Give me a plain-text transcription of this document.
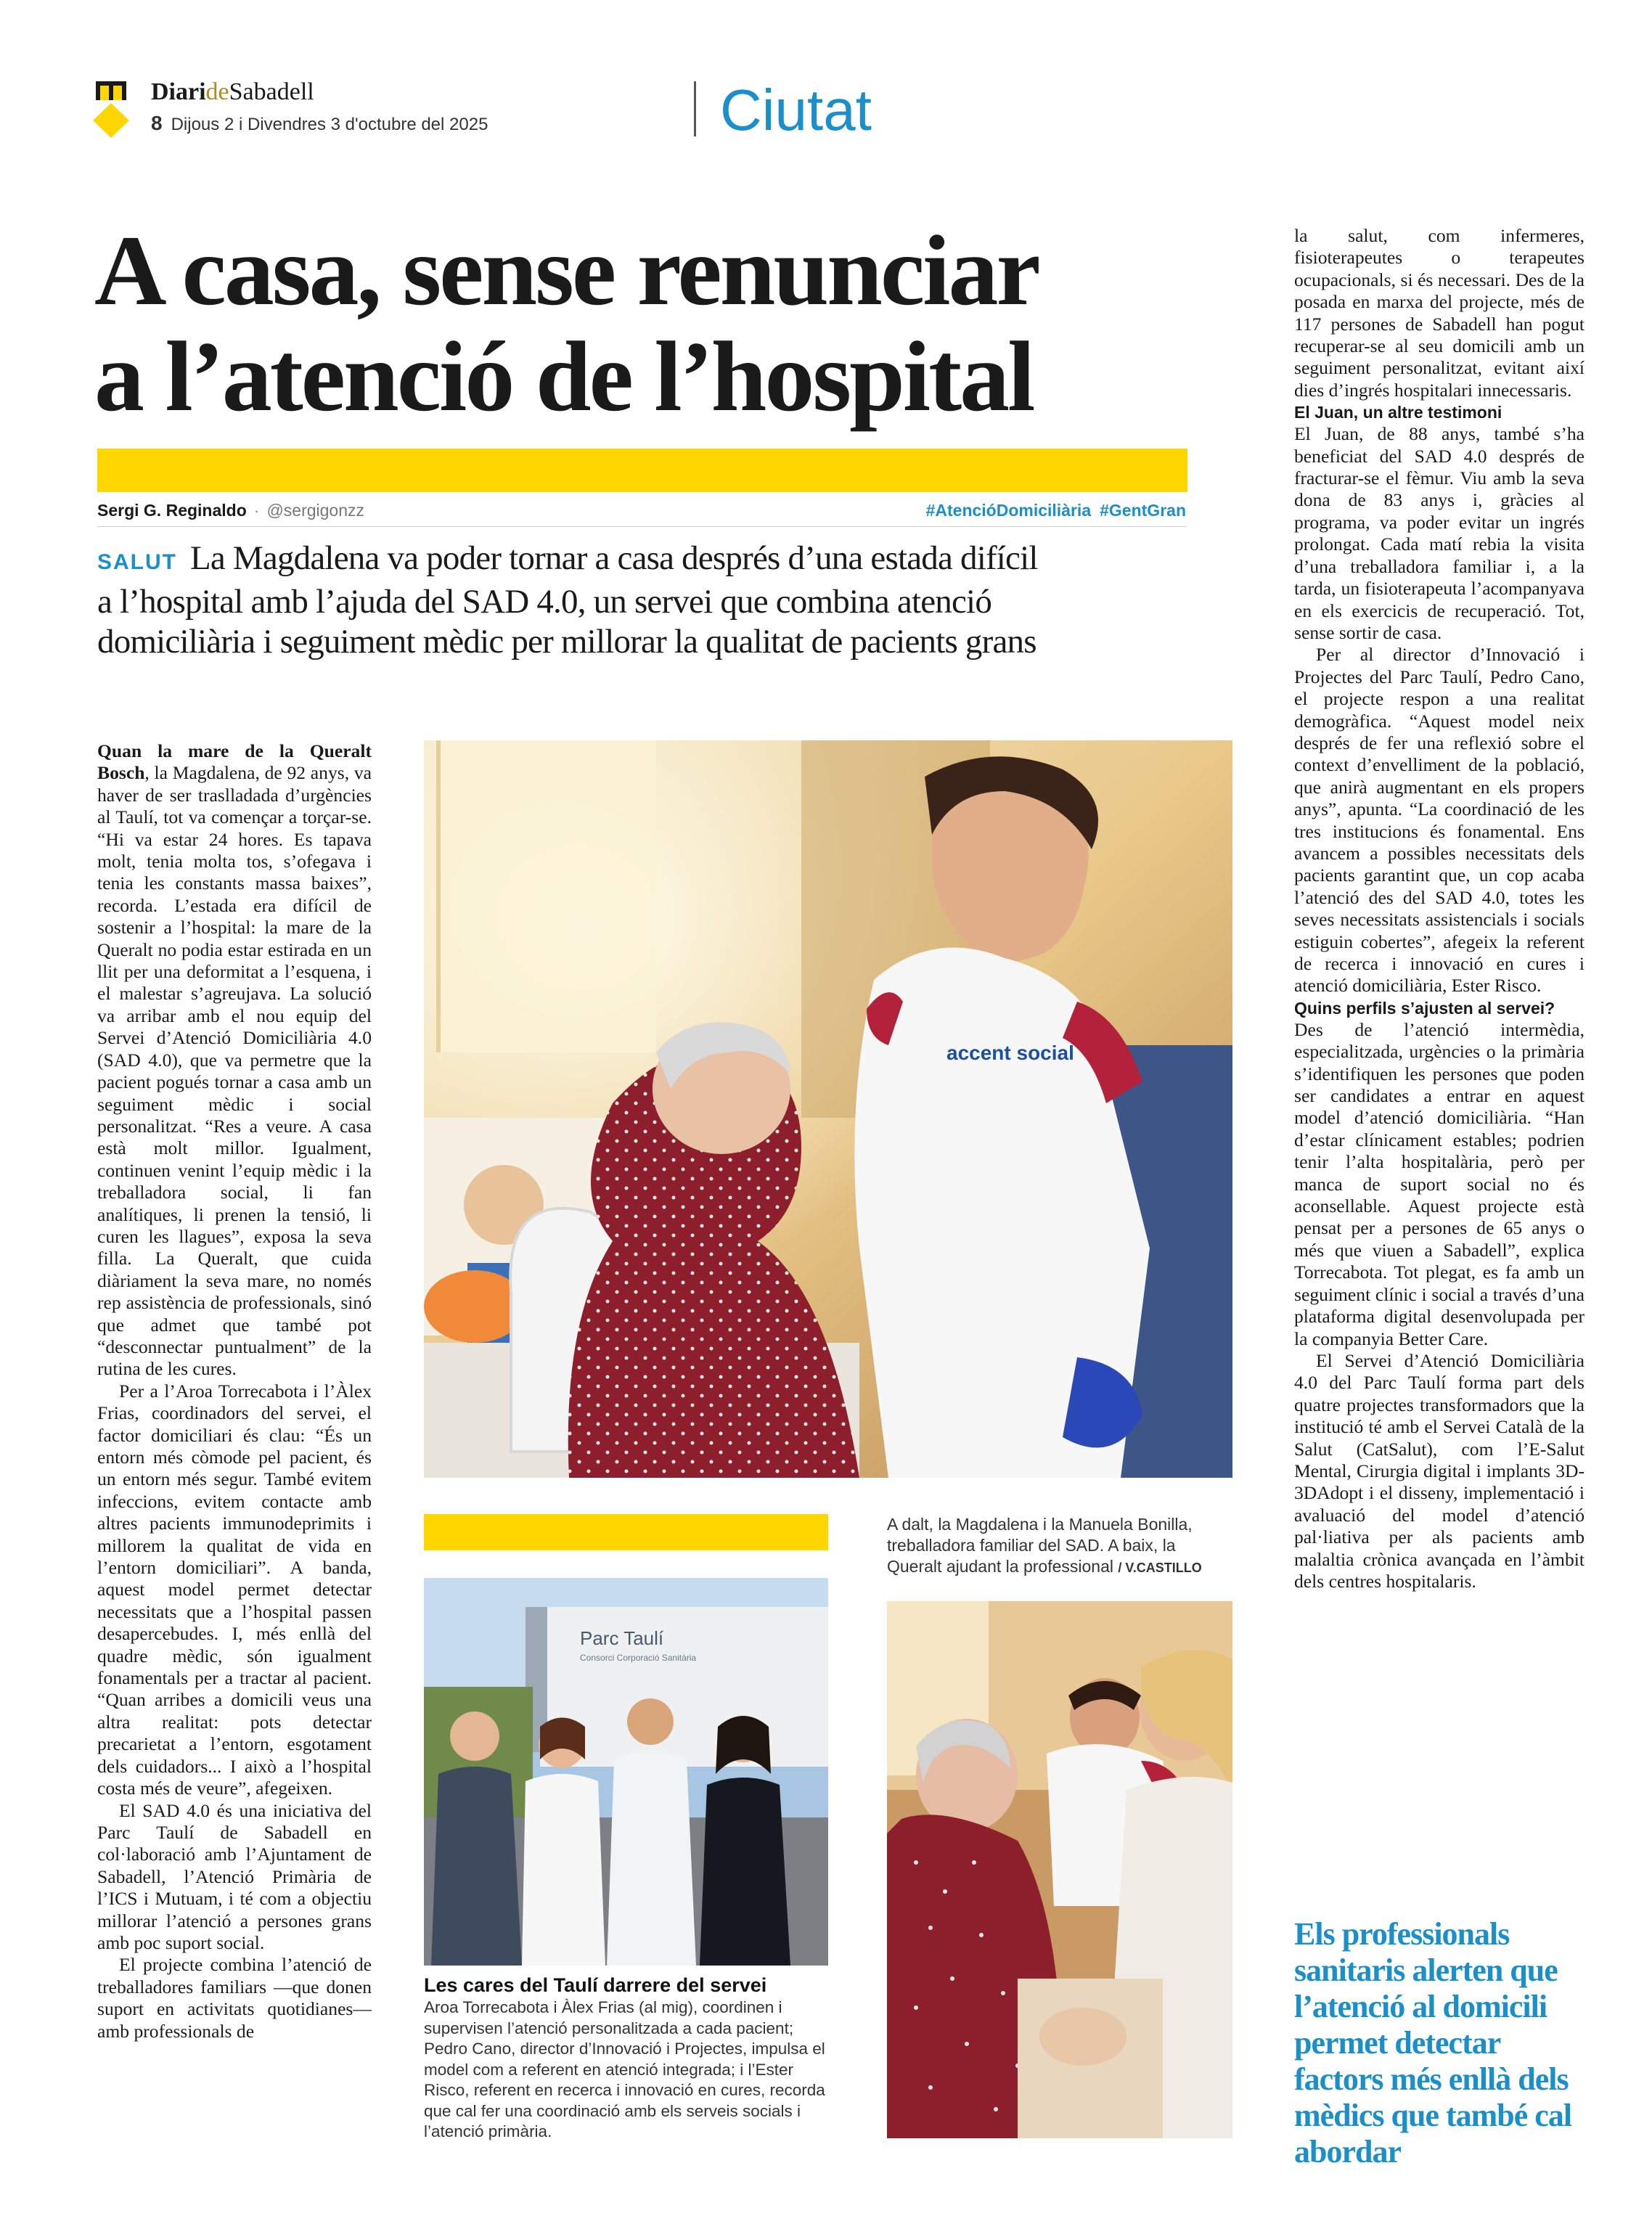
DiarideSabadell
8 Dijous 2 i Divendres 3 d'octubre del 2025	Ciutat
A casa, sense renunciar
a l’atenció de l’hospital
Sergi G. Reginaldo · @sergigonzz	#AtencióDomiciliària #GentGran
SALUT La Magdalena va poder tornar a casa després d’una estada difícil
a l’hospital amb l’ajuda del SAD 4.0, un servei que combina atenció
domiciliària i seguiment mèdic per millorar la qualitat de pacients grans

Quan la mare de la Queralt Bosch, la Magdalena, de 92 anys, va haver de ser traslladada d’urgències al Taulí, tot va començar a torçar-se. “Hi va estar 24 hores. Es tapava molt, tenia molta tos, s’ofegava i tenia les constants massa baixes”, recorda. L’estada era difícil de sostenir a l’hospital: la mare de la Queralt no podia estar estirada en un llit per una deformitat a l’esquena, i el malestar s’agreujava. La solució va arribar amb el nou equip del Servei d’Atenció Domiciliària 4.0 (SAD 4.0), que va permetre que la pacient pogués tornar a casa amb un seguiment mèdic i social personalitzat. “Res a veure. A casa està molt millor. Igualment, continuen venint l’equip mèdic i la treballadora social, li fan analítiques, li prenen la tensió, li curen les llagues”, exposa la seva filla. La Queralt, que cuida diàriament la seva mare, no només rep assistència de professionals, sinó que admet que també pot “desconnectar puntualment” de la rutina de les cures.

Per a l’Aroa Torrecabota i l’Àlex Frias, coordinadors del servei, el factor domiciliari és clau: “És un entorn més còmode pel pacient, és un entorn més segur. També evitem infeccions, evitem contacte amb altres pacients immunodeprimits i millorem la qualitat de vida en l’entorn domiciliari”. A banda, aquest model permet detectar necessitats que a l’hospital passen desapercebudes. I, més enllà del quadre mèdic, són igualment fonamentals per a tractar al pacient. “Quan arribes a domicili veus una altra realitat: pots detectar precarietat a l’entorn, esgotament dels cuidadors... I això a l’hospital costa més de veure”, afegeixen.

El SAD 4.0 és una iniciativa del Parc Taulí de Sabadell en col·laboració amb l’Ajuntament de Sabadell, l’Atenció Primària de l’ICS i Mutuam, i té com a objectiu millorar l’atenció a persones grans amb poc suport social.

El projecte combina l’atenció de treballadores familiars —que donen suport en activitats quotidianes— amb professionals de

accent social
Parc Taulí
Consorci Corporació Sanitària
Les cares del Taulí darrere del servei
Aroa Torrecabota i Àlex Frias (al mig), coordinen i supervisen l’atenció personalitzada a cada pacient; Pedro Cano, director d’Innovació i Projectes, impulsa el model com a referent en atenció integrada; i l’Ester Risco, referent en recerca i innovació en cures, recorda que cal fer una coordinació amb els serveis socials i l’atenció primària.
A dalt, la Magdalena i la Manuela Bonilla, treballadora familiar del SAD. A baix, la Queralt ajudant la professional / V.CASTILLO

la salut, com infermeres, fisioterapeutes o terapeutes ocupacionals, si és necessari. Des de la posada en marxa del projecte, més de 117 persones de Sabadell han pogut recuperar-se al seu domicili amb un seguiment personalitzat, evitant així dies d’ingrés hospitalari innecessaris.

El Juan, un altre testimoni

El Juan, de 88 anys, també s’ha beneficiat del SAD 4.0 després de fracturar-se el fèmur. Viu amb la seva dona de 83 anys i, gràcies al programa, va poder evitar un ingrés prolongat. Cada matí rebia la visita d’una treballadora familiar i, a la tarda, un fisioterapeuta l’acompanyava en els exercicis de recuperació. Tot, sense sortir de casa.

Per al director d’Innovació i Projectes del Parc Taulí, Pedro Cano, el projecte respon a una realitat demogràfica. “Aquest model neix després de fer una reflexió sobre el context d’envelliment de la població, que anirà augmentant en els propers anys”, apunta. “La coordinació de les tres institucions és fonamental. Ens avancem a possibles necessitats dels pacients garantint que, un cop acaba l’atenció des del SAD 4.0, totes les seves necessitats assistencials i socials estiguin cobertes”, afegeix la referent de recerca i innovació en cures i atenció domiciliària, Ester Risco.

Quins perfils s’ajusten al servei?

Des de l’atenció intermèdia, especialitzada, urgències o la primària s’identifiquen les persones que poden ser candidates a entrar en aquest model d’atenció domiciliària. “Han d’estar clínicament estables; podrien tenir l’alta hospitalària, però per manca de suport social no és aconsellable. Aquest projecte està pensat per a persones de 65 anys o més que viuen a Sabadell”, explica Torrecabota. Tot plegat, es fa amb un seguiment clínic i social a través d’una plataforma digital desenvolupada per la companyia Better Care.

El Servei d’Atenció Domiciliària 4.0 del Parc Taulí forma part dels quatre projectes transformadors que la institució té amb el Servei Català de la Salut (CatSalut), com l’E-Salut Mental, Cirurgia digital i implants 3D-3DAdopt i el disseny, implementació i avaluació del model d’atenció pal·liativa per als pacients amb malaltia crònica avançada en l’àmbit dels centres hospitalaris.

Els professionals sanitaris alerten que l’atenció al domicili permet detectar factors més enllà dels mèdics que també cal abordar
